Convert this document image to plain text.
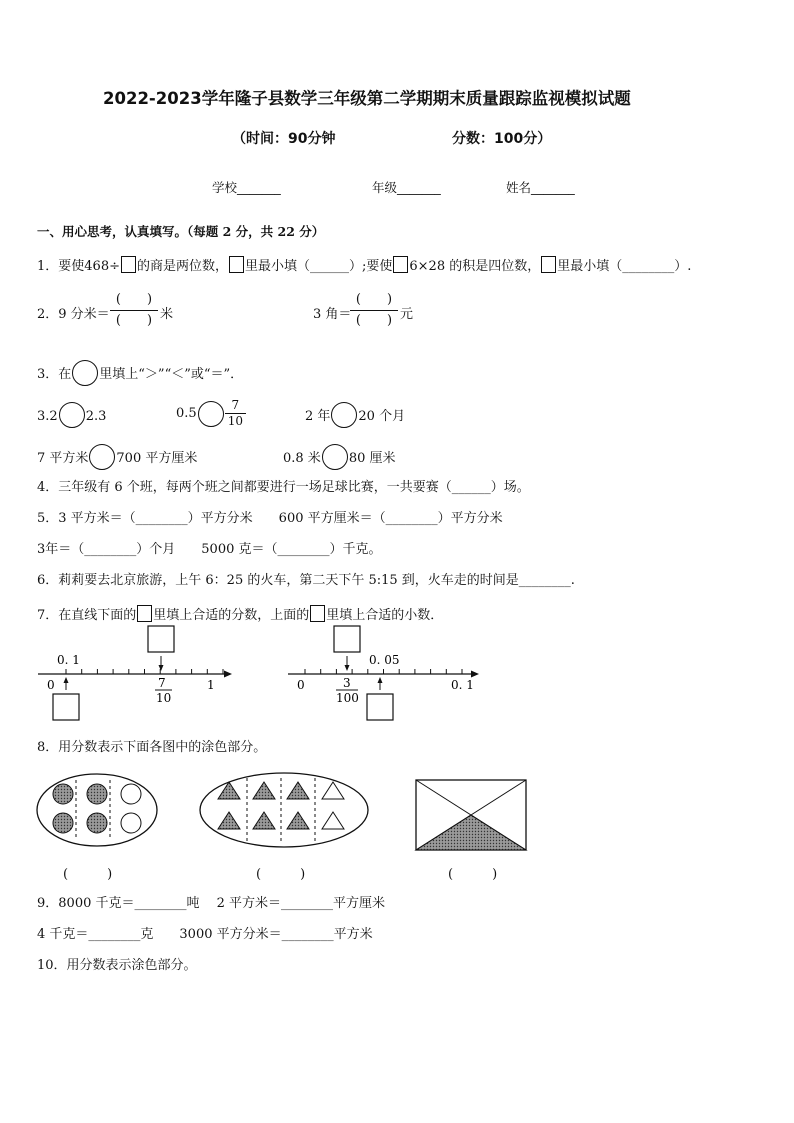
2022-2023学年隆子县数学三年级第二学期期末质量跟踪监视模拟试题
（时间：90分钟	分数：100分）
学校_______	年级_______	姓名_______
一、用心思考，认真填写。（每题 2 分，共 22 分）
1．要使468÷ 的商是两位数， 里最小填（______）;要使 6×28 的积是四位数， 里最小填（________）.
2．9 分米＝
(　　)
(　　) 米	3 角＝
(　　)
(　　) 元
3．在 里填上“＞”“＜”或“＝”．
3.2 2.3	$0.5 \frac{7}{10}$	2 年 20 个月
7 平方米 700 平方厘米	0.8 米 80 厘米
4．三年级有 6 个班，每两个班之间都要进行一场足球比赛，一共要赛（______）场。
5．3 平方米＝（________）平方分米　　600 平方厘米＝（________）平方分米
3年＝（________）个月　　5000 克＝（________）千克。
6．莉莉要去北京旅游，上午 6：25 的火车，第二天下午 5:15 到，火车走的时间是________.
7．在直线下面的 里填上合适的分数，上面的 里填上合适的小数．
0. 1
0	7
10
1
0. 05
0	3
100
0. 1
8．用分数表示下面各图中的涂色部分。
(　　　)	(　　　)	(　　　)
9．8000 千克＝________吨　 2 平方米＝________平方厘米
4 千克＝________克　　3000 平方分米＝________平方米
10．用分数表示涂色部分。
